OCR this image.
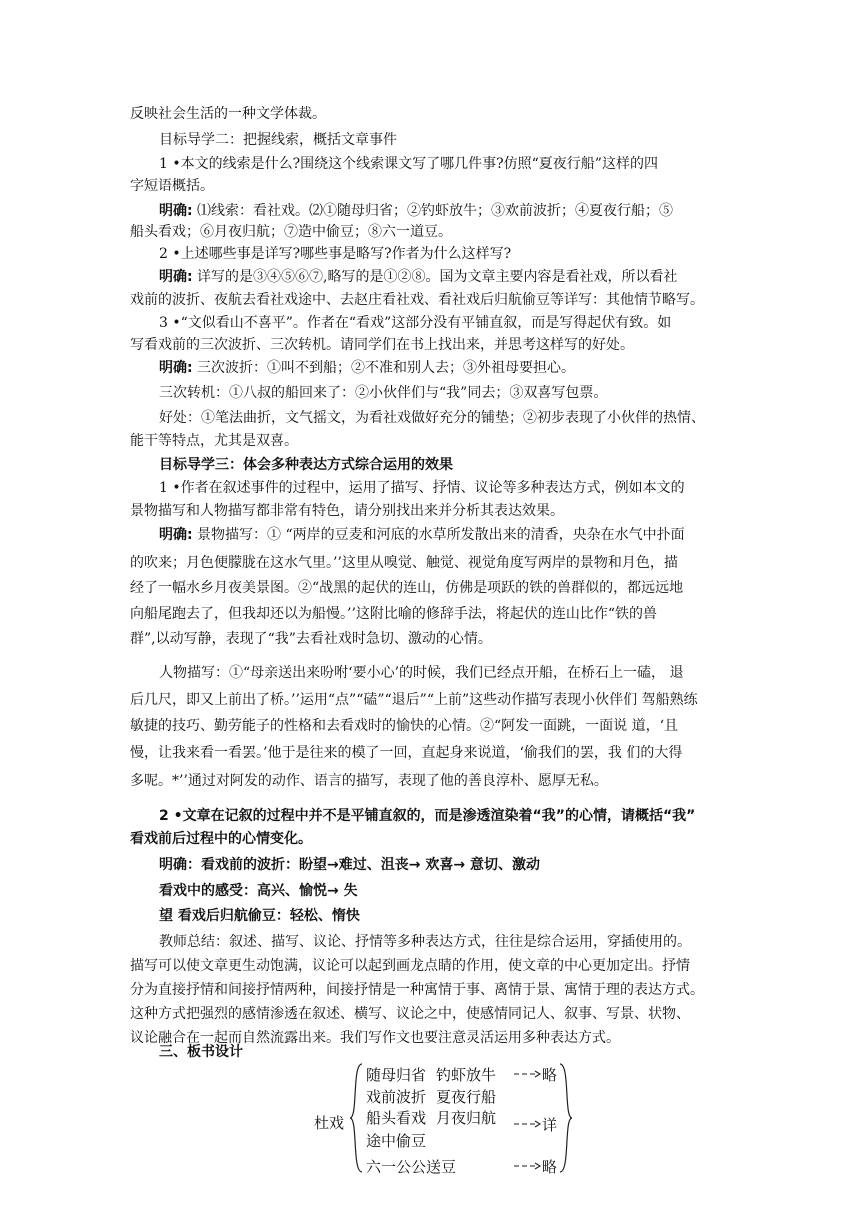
反映社会生活的一种文学体裁。
目标导学二：把握线索，概括文章事件
1 •本文的线索是什么?围绕这个线索课文写了哪几件事?仿照“夏夜行船”这样的四
字短语概括。
明确: ⑴线索：看社戏。⑵①随母归省；②钓虾放牛；③欢前波折；④夏夜行船；⑤
船头看戏；⑥月夜归航；⑦造中偷豆；⑧六一道豆。
2 •上述哪些事是详写?哪些事是略写?作者为什么这样写?
明确: 详写的是③④⑤⑥⑦,略写的是①②⑧。国为文章主要内容是看社戏，所以看社
戏前的波折、夜航去看社戏途中、去赵庄看社戏、看社戏后归航偷豆等详写：其他情节略写。
3 •“文似看山不喜平”。作者在“看戏”这部分没有平铺直叙，而是写得起伏有致。如
写看戏前的三次波折、三次转机。请同学们在书上找出来，并思考这样写的好处。
明确: 三次波折：①叫不到船；②不准和别人去；③外祖母要担心。
三次转机：①八叔的船回来了：②小伙伴们与“我”同去；③双喜写包票。
好处：①笔法曲折，文气摇文，为看社戏做好充分的铺垫；②初步表现了小伙伴的热情、
能干等特点，尤其是双喜。
目标导学三：体会多种表达方式综合运用的效果
1 •作者在叙述事件的过程中，运用了描写、抒情、议论等多种表达方式，例如本文的
景物描写和人物描写都非常有特色，请分别找出来并分析其表达效果。
明确: 景物描写：① “两岸的豆麦和河底的水草所发散出来的清香，央杂在水气中扑面
的吹来；月色便朦胧在这水气里。’’这里从嗅觉、触觉、视觉角度写两岸的景物和月色，描
经了一幅水乡月夜美景图。②“战黑的起伏的连山，仿佛是项跃的铁的兽群似的，都远远地
向船尾跑去了，但我却还以为船慢。’’这附比喻的修辞手法，将起伏的连山比作“铁的兽
群”,以动写静，表现了“我”去看社戏时急切、激动的心情。
人物描写：①“母亲送出来吩咐‘要小心’的时候，我们已经点开船，在桥石上一磕， 退
后几尺，即又上前出了桥。’’运用“点”“磕”“退后”“上前”这些动作描写表现小伙伴们 驾船熟练
敏捷的技巧、勤劳能子的性格和去看戏时的愉快的心情。②“阿发一面跳，一面说 道，‘且
慢，让我来看一看罢。’他于是往来的模了一回，直起身来说道，‘偷我们的罢，我 们的大得
多呢。*’’通过对阿发的动作、语言的描写，表现了他的善良淳朴、愿厚无私。
2 •文章在记叙的过程中并不是平铺直叙的，而是渗透渲染着“我”的心情，请概括“我”
看戏前后过程中的心情变化。
明确：看戏前的波折：盼望→难过、沮丧→ 欢喜→ 意切、激动
看戏中的感受：高兴、愉悦→ 失
望 看戏后归航偷豆：轻松、惰快
教师总结：叙述、描写、议论、抒情等多种表达方式，往往是综合运用，穿插使用的。
描写可以使文章更生动饱满，议论可以起到画龙点睛的作用，使文章的中心更加定出。抒情
分为直接抒情和间接抒情两种，间接抒情是一种寓情于事、离情于景、寓情于理的表达方式。
这种方式把强烈的感情渗透在叙述、横写、议论之中，使感情同记人、叙事、写景、状物、
议论融合在一起而自然流露出来。我们写作文也要注意灵活运用多种表达方式。
三、板书设计
杜戏
随母归省 钓虾放牛	略
戏前波折 夏夜行船
船头看戏 月夜归航	详
途中偷豆
六一公公送豆	略
